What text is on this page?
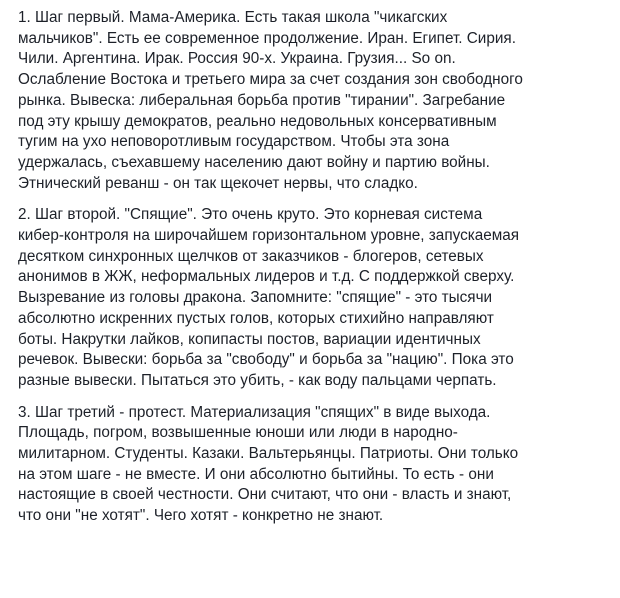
1. Шаг первый. Мама-Америка. Есть такая школа "чикагских
мальчиков". Есть ее современное продолжение. Иран. Египет. Сирия.
Чили. Аргентина. Ирак. Россия 90-х. Украина. Грузия... So on.
Ослабление Востока и третьего мира за счет создания зон свободного
рынка. Вывеска: либеральная борьба против "тирании". Загребание
под эту крышу демократов, реально недовольных консервативным
тугим на ухо неповоротливым государством. Чтобы эта зона
удержалась, съехавшему населению дают войну и партию войны.
Этнический реванш - он так щекочет нервы, что сладко.

2. Шаг второй. "Спящие". Это очень круто. Это корневая система
кибер-контроля на широчайшем горизонтальном уровне, запускаемая
десятком синхронных щелчков от заказчиков - блогеров, сетевых
анонимов в ЖЖ, неформальных лидеров и т.д. С поддержкой сверху.
Вызревание из головы дракона. Запомните: "спящие" - это тысячи
абсолютно искренних пустых голов, которых стихийно направляют
боты. Накрутки лайков, копипасты постов, вариации идентичных
речевок. Вывески: борьба за "свободу" и борьба за "нацию". Пока это
разные вывески. Пытаться это убить, - как воду пальцами черпать.

3. Шаг третий - протест. Материализация "спящих" в виде выхода.
Площадь, погром, возвышенные юноши или люди в народно-
милитарном. Студенты. Казаки. Вальтерьянцы. Патриоты. Они только
на этом шаге - не вместе. И они абсолютно бытийны. То есть - они
настоящие в своей честности. Они считают, что они - власть и знают,
что они "не хотят". Чего хотят - конкретно не знают.
